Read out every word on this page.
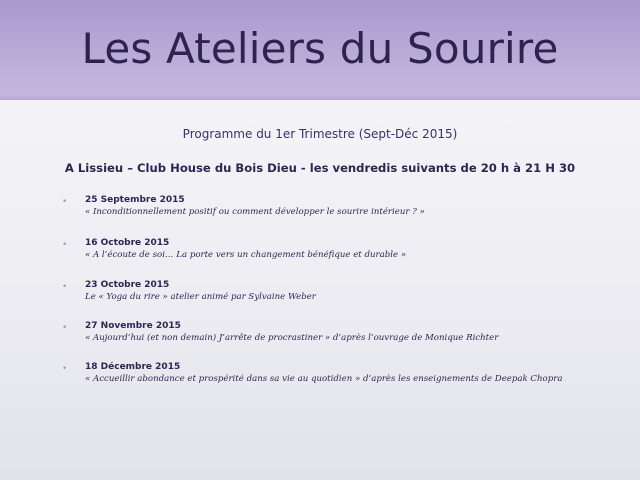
Les Ateliers du Sourire
Programme du 1er Trimestre (Sept-Déc 2015)
A Lissieu – Club House du Bois Dieu - les vendredis suivants de 20 h à 21 H 30
• 25 Septembre 2015
« Inconditionnellement positif ou comment développer le sourire intérieur ? »
• 16 Octobre 2015
« A l’écoute de soi… La porte vers un changement bénéfique et durable »
• 23 Octobre 2015
Le « Yoga du rire » atelier animé par Sylvaine Weber
• 27 Novembre 2015
« Aujourd’hui (et non demain) J’arrête de procrastiner » d’après l’ouvrage de Monique Richter
• 18 Décembre 2015
« Accueillir abondance et prospérité dans sa vie au quotidien » d’après les enseignements de Deepak Chopra
